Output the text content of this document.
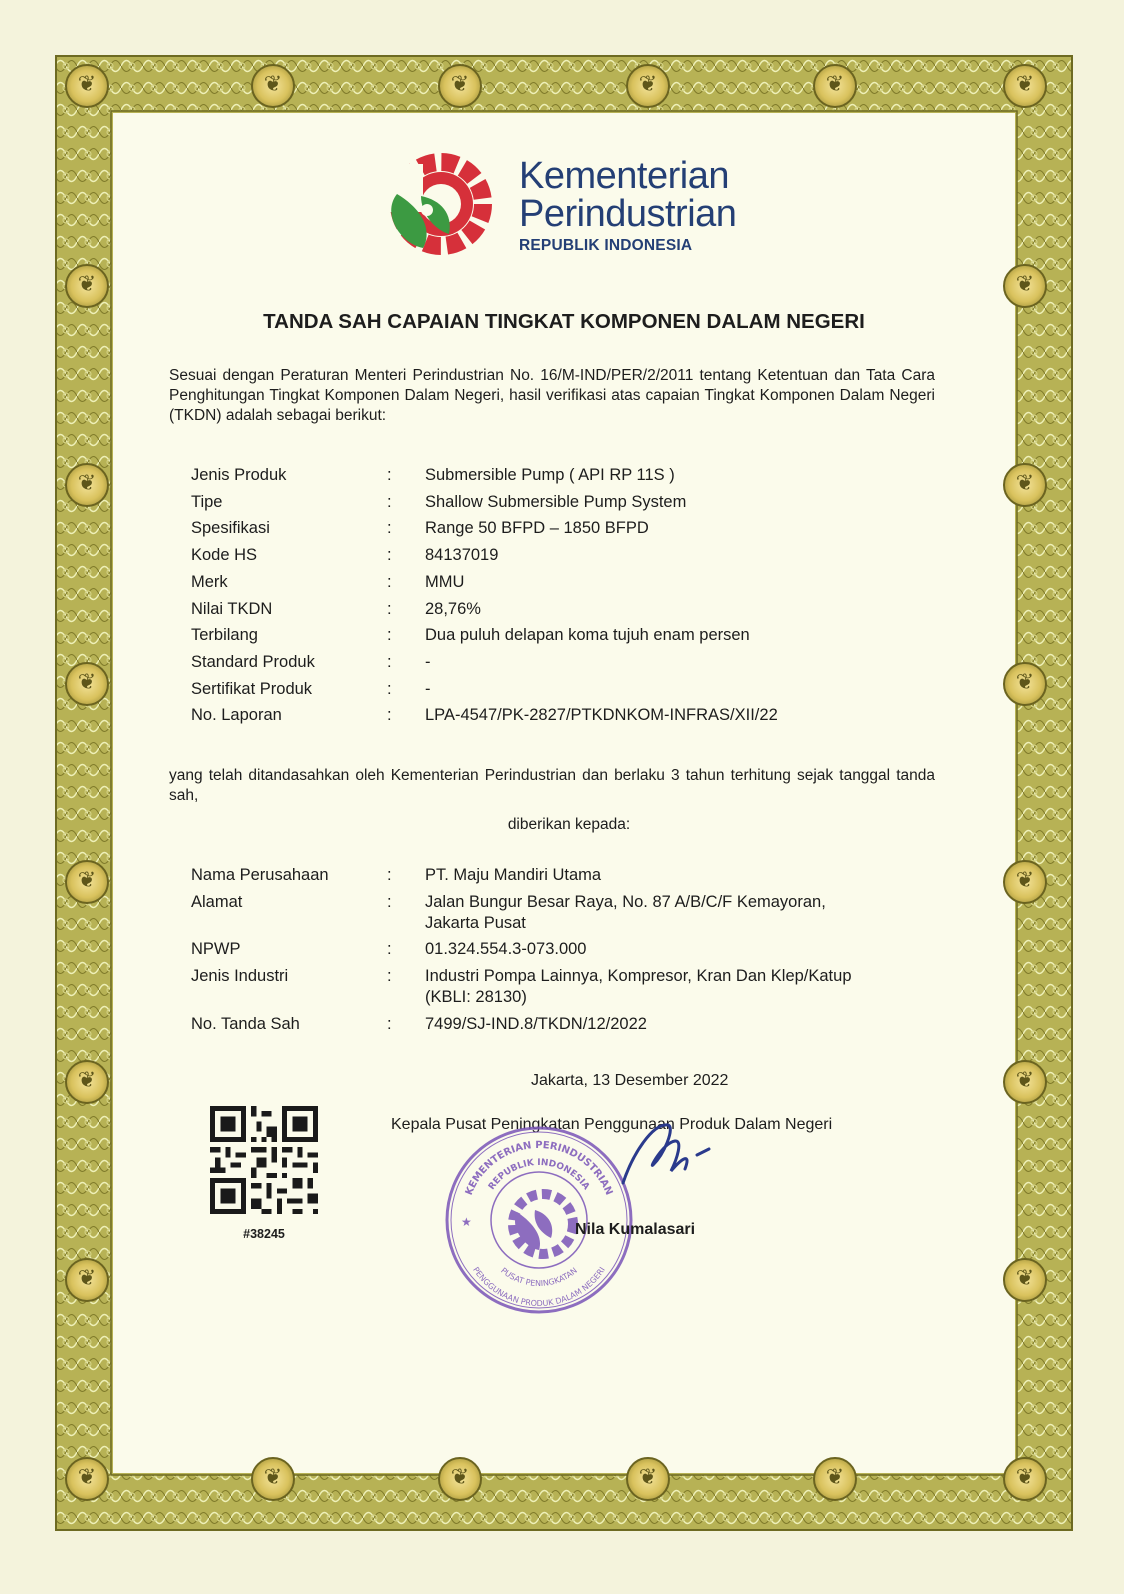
❦
❦
❦
❦
❦
❦
❦
❦
❦
❦
❦
❦
❦
❦
❦
❦
❦
❦
❦
❦
❦
❦
❦
❦
Kementerian
Perindustrian
REPUBLIK INDONESIA
TANDA SAH CAPAIAN TINGKAT KOMPONEN DALAM NEGERI
Sesuai dengan Peraturan Menteri Perindustrian No. 16/M-IND/PER/2/2011 tentang Ketentuan dan Tata Cara Penghitungan Tingkat Komponen Dalam Negeri, hasil verifikasi atas capaian Tingkat Komponen Dalam Negeri (TKDN) adalah sebagai berikut:
Jenis Produk	:	Submersible Pump ( API RP 11S )
Tipe	:	Shallow Submersible Pump System
Spesifikasi	:	Range 50 BFPD – 1850 BFPD
Kode HS	:	84137019
Merk	:	MMU
Nilai TKDN	:	28,76%
Terbilang	:	Dua puluh delapan koma tujuh enam persen
Standard Produk	:	-
Sertifikat Produk	:	-
No. Laporan	:	LPA-4547/PK-2827/PTKDNKOM-INFRAS/XII/22
yang telah ditandasahkan oleh Kementerian Perindustrian dan berlaku 3 tahun terhitung sejak tanggal tanda sah,
diberikan kepada:
Nama Perusahaan	:	PT. Maju Mandiri Utama
Alamat	:	Jalan Bungur Besar Raya, No. 87 A/B/C/F Kemayoran,
Jakarta Pusat
NPWP	:	01.324.554.3-073.000
Jenis Industri	:	Industri Pompa Lainnya, Kompresor, Kran Dan Klep/Katup
(KBLI: 28130)
No. Tanda Sah	:	7499/SJ-IND.8/TKDN/12/2022
Jakarta, 13 Desember 2022
Kepala Pusat Peningkatan Penggunaan Produk Dalam Negeri
#38245
KEMENTERIAN PERINDUSTRIAN
REPUBLIK INDONESIA
PENGGUNAAN PRODUK DALAM NEGERI
PUSAT PENINGKATAN
★	Nila Kumalasari
